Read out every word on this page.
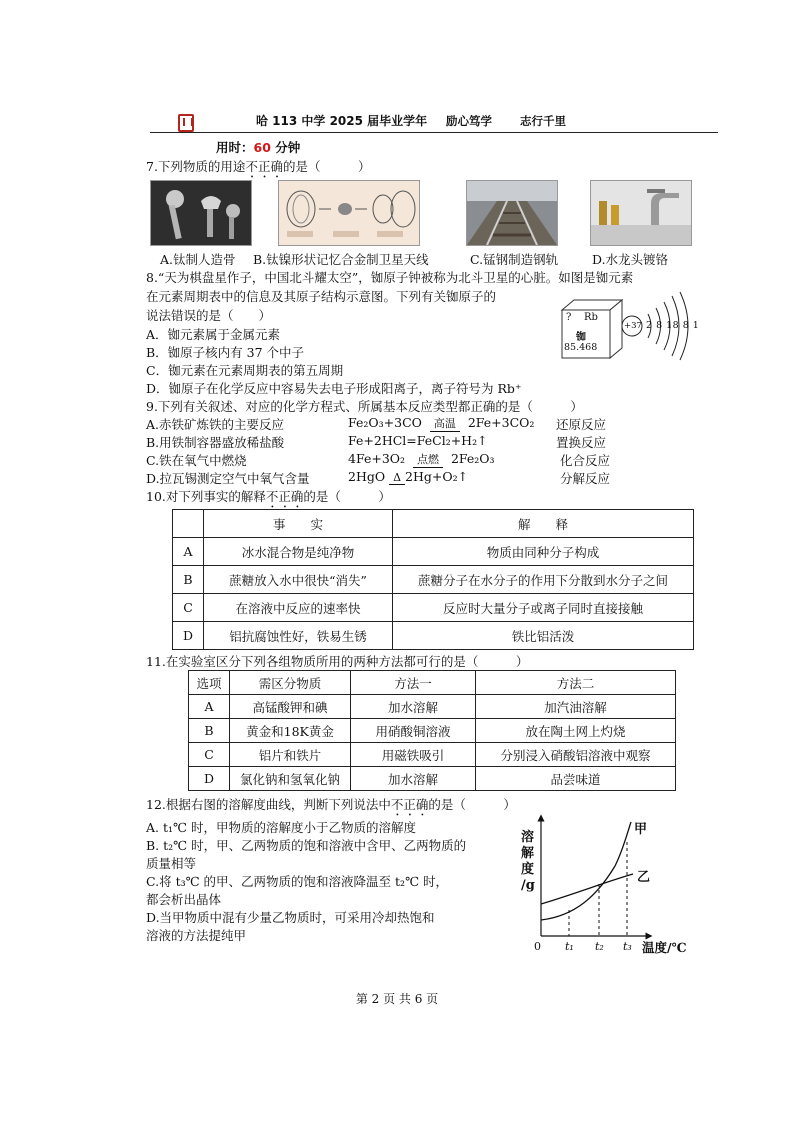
哈 113 中学 2025 届毕业学年 励心笃学 志行千里
用时：60 分钟
7.下列物质的用途不正确的是（　　　）
A.钛制人造骨 B.钛镍形状记忆合金制卫星天线	C.锰钢制造钢轨	D.水龙头镀铬
8.“天为棋盘星作子，中国北斗耀太空”，铷原子钟被称为北斗卫星的心脏。如图是铷元素
在元素周期表中的信息及其原子结构示意图。下列有关铷原子的
说法错误的是（　　）
A．铷元素属于金属元素
B．铷原子核内有 37 个中子
C．铷元素在元素周期表的第五周期
D．铷原子在化学反应中容易失去电子形成阳离子，离子符号为 Rb⁺
? Rb
铷
85.468
+37 2 8 18 8 1
9.下列有关叙述、对应的化学方程式、所属基本反应类型都正确的是（　　　）
A.赤铁矿炼铁的主要反应	Fe₂O₃+3CO 高温 2Fe+3CO₂ 还原反应
B.用铁制容器盛放稀盐酸	Fe+2HCl=FeCl₂+H₂↑	置换反应
C.铁在氧气中燃烧	4Fe+3O₂ 点燃 2Fe₂O₃	化合反应
D.拉瓦锡测定空气中氧气含量	2HgO Δ 2Hg+O₂↑	分解反应
10.对下列事实的解释不正确的是（　　　）
	事　　实	解　　释
A	冰水混合物是纯净物	物质由同种分子构成
B	蔗糖放入水中很快“消失”	蔗糖分子在水分子的作用下分散到水分子之间
C	在溶液中反应的速率快	反应时大量分子或离子同时直接接触
D	铝抗腐蚀性好，铁易生锈	铁比铝活泼
11.在实验室区分下列各组物质所用的两种方法都可行的是（　　　）
选项	需区分物质	方法一	方法二
A	高锰酸钾和碘	加水溶解	加汽油溶解
B	黄金和18K黄金	用硝酸铜溶液	放在陶土网上灼烧
C	铝片和铁片	用磁铁吸引	分别浸入硝酸铝溶液中观察
D	氯化钠和氢氧化钠	加水溶解	品尝味道
12.根据右图的溶解度曲线，判断下列说法中不正确的是（　　　）
A. t₁℃ 时，甲物质的溶解度小于乙物质的溶解度
B. t₂℃ 时，甲、乙两物质的饱和溶液中含甲、乙两物质的
质量相等
C.将 t₃℃ 的甲、乙两物质的饱和溶液降温至 t₂℃ 时，
都会析出晶体
D.当甲物质中混有少量乙物质时，可采用冷却热饱和
溶液的方法提纯甲
溶
解
度
/g
0 t₁ t₂ t₃ 温度/℃
甲
乙
第 2 页 共 6 页
